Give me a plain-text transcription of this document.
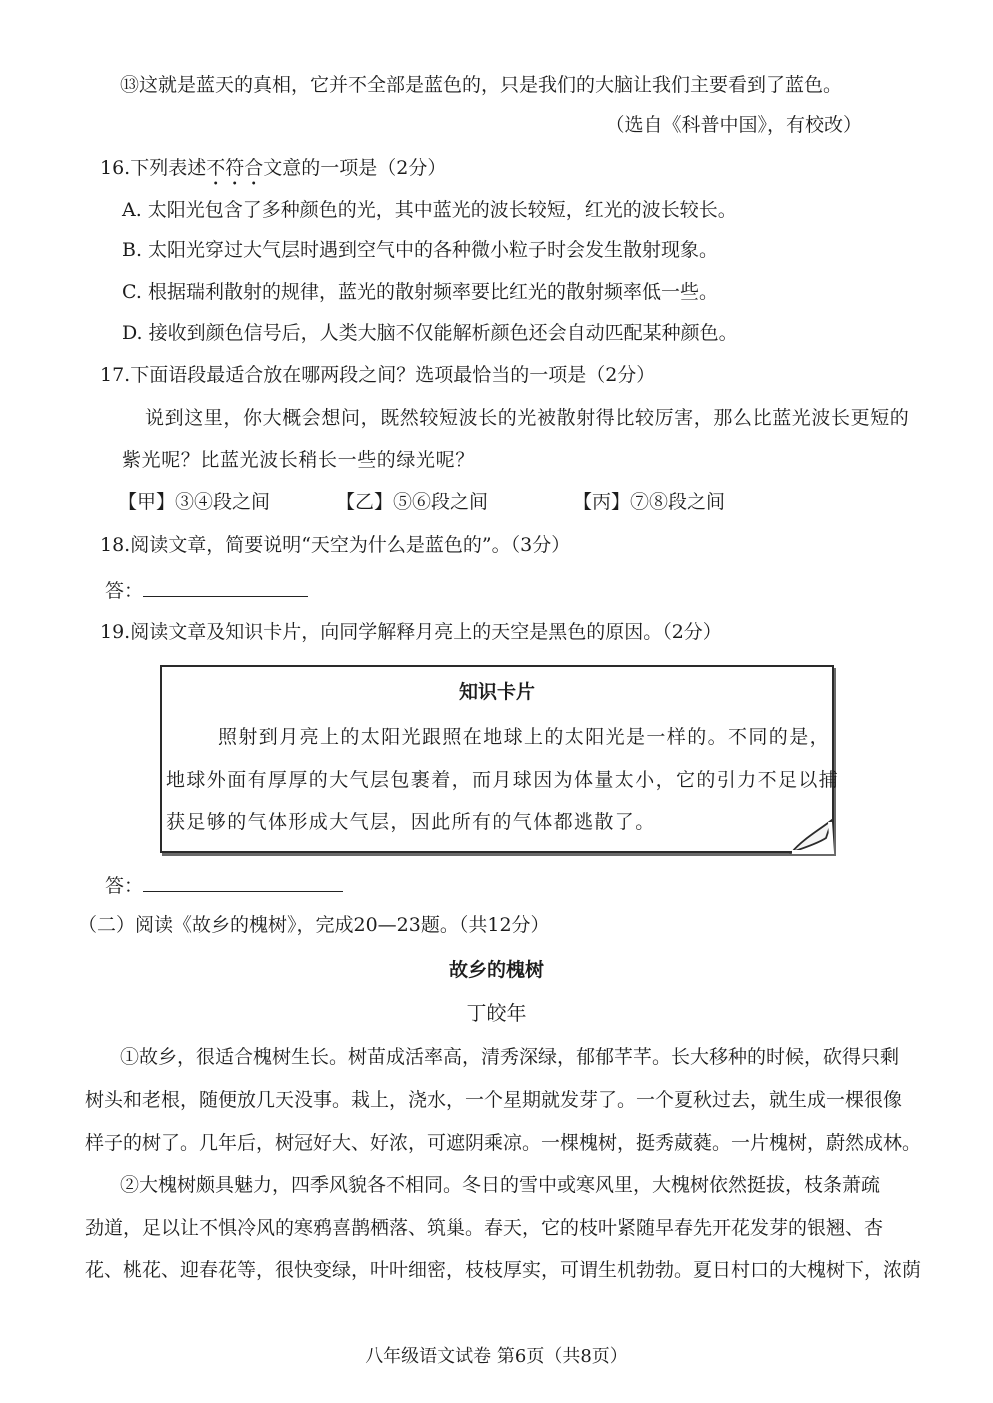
⑬这就是蓝天的真相，它并不全部是蓝色的，只是我们的大脑让我们主要看到了蓝色。
（选自《科普中国》，有校改）
16.下列表述不符合文意的一项是（2分）
A. 太阳光包含了多种颜色的光，其中蓝光的波长较短，红光的波长较长。
B. 太阳光穿过大气层时遇到空气中的各种微小粒子时会发生散射现象。
C. 根据瑞利散射的规律，蓝光的散射频率要比红光的散射频率低一些。
D. 接收到颜色信号后，人类大脑不仅能解析颜色还会自动匹配某种颜色。
17.下面语段最适合放在哪两段之间？选项最恰当的一项是（2分）
说到这里，你大概会想问，既然较短波长的光被散射得比较厉害，那么比蓝光波长更短的
紫光呢？比蓝光波长稍长一些的绿光呢？
【甲】③④段之间	【乙】⑤⑥段之间	【丙】⑦⑧段之间
18.阅读文章，简要说明“天空为什么是蓝色的”。（3分）
答：
19.阅读文章及知识卡片，向同学解释月亮上的天空是黑色的原因。（2分）
知识卡片
照射到月亮上的太阳光跟照在地球上的太阳光是一样的。不同的是，
地球外面有厚厚的大气层包裹着，而月球因为体量太小，它的引力不足以捕
获足够的气体形成大气层，因此所有的气体都逃散了。
答：
（二）阅读《故乡的槐树》，完成20—23题。（共12分）
故乡的槐树
丁皎年
①故乡，很适合槐树生长。树苗成活率高，清秀深绿，郁郁芊芊。长大移种的时候，砍得只剩
树头和老根，随便放几天没事。栽上，浇水，一个星期就发芽了。一个夏秋过去，就生成一棵很像
样子的树了。几年后，树冠好大、好浓，可遮阴乘凉。一棵槐树，挺秀葳蕤。一片槐树，蔚然成林。
②大槐树颇具魅力，四季风貌各不相同。冬日的雪中或寒风里，大槐树依然挺拔，枝条萧疏
劲道，足以让不惧冷风的寒鸦喜鹊栖落、筑巢。春天，它的枝叶紧随早春先开花发芽的银翘、杏
花、桃花、迎春花等，很快变绿，叶叶细密，枝枝厚实，可谓生机勃勃。夏日村口的大槐树下，浓荫
八年级语文试卷 第6页（共8页）
